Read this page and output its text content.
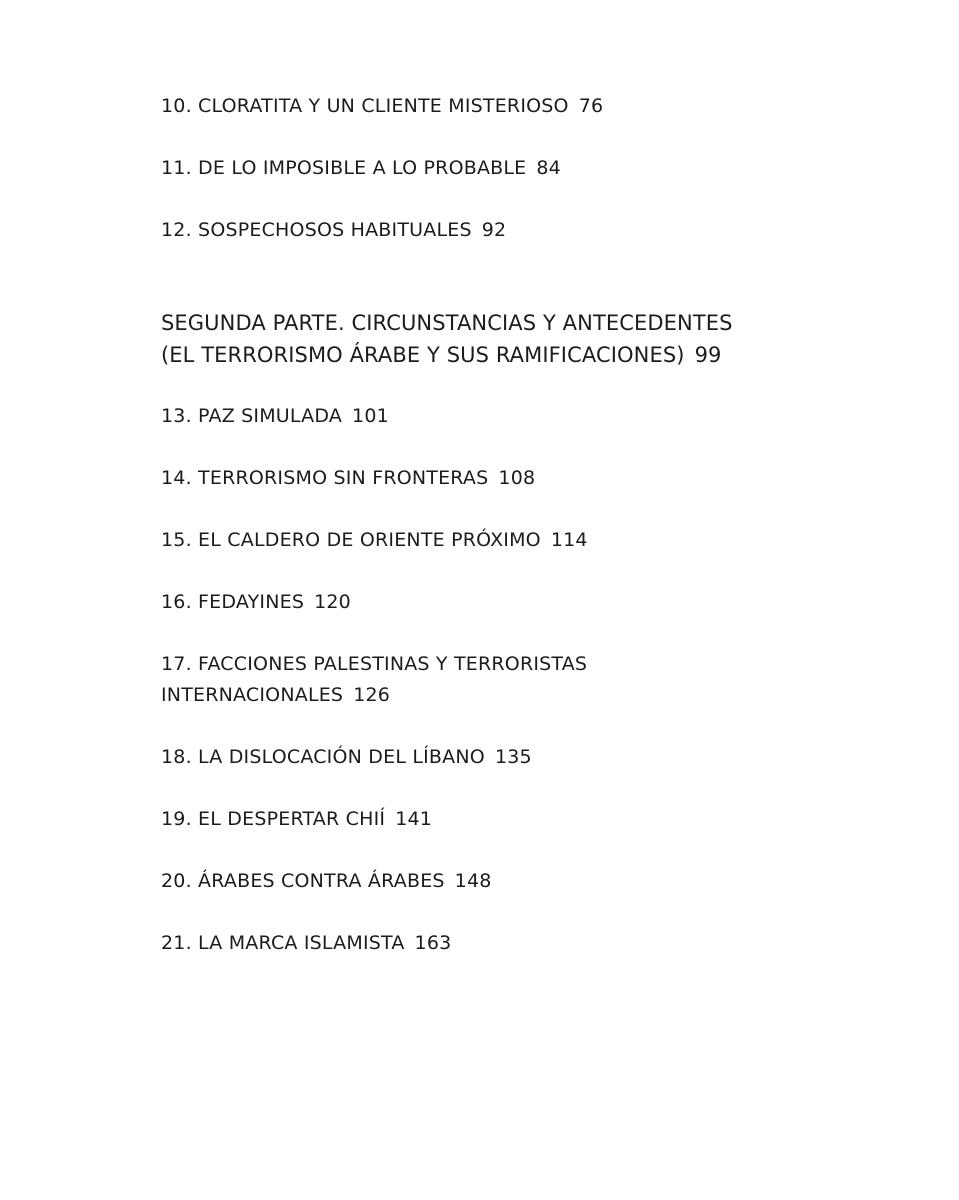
10. CLORATITA Y UN CLIENTE MISTERIOSO 76
11. DE LO IMPOSIBLE A LO PROBABLE 84
12. SOSPECHOSOS HABITUALES 92
SEGUNDA PARTE. CIRCUNSTANCIAS Y ANTECEDENTES
(EL TERRORISMO ÁRABE Y SUS RAMIFICACIONES) 99
13. PAZ SIMULADA 101
14. TERRORISMO SIN FRONTERAS 108
15. EL CALDERO DE ORIENTE PRÓXIMO 114
16. FEDAYINES 120
17. FACCIONES PALESTINAS Y TERRORISTAS
INTERNACIONALES 126
18. LA DISLOCACIÓN DEL LÍBANO 135
19. EL DESPERTAR CHIÍ 141
20. ÁRABES CONTRA ÁRABES 148
21. LA MARCA ISLAMISTA 163
